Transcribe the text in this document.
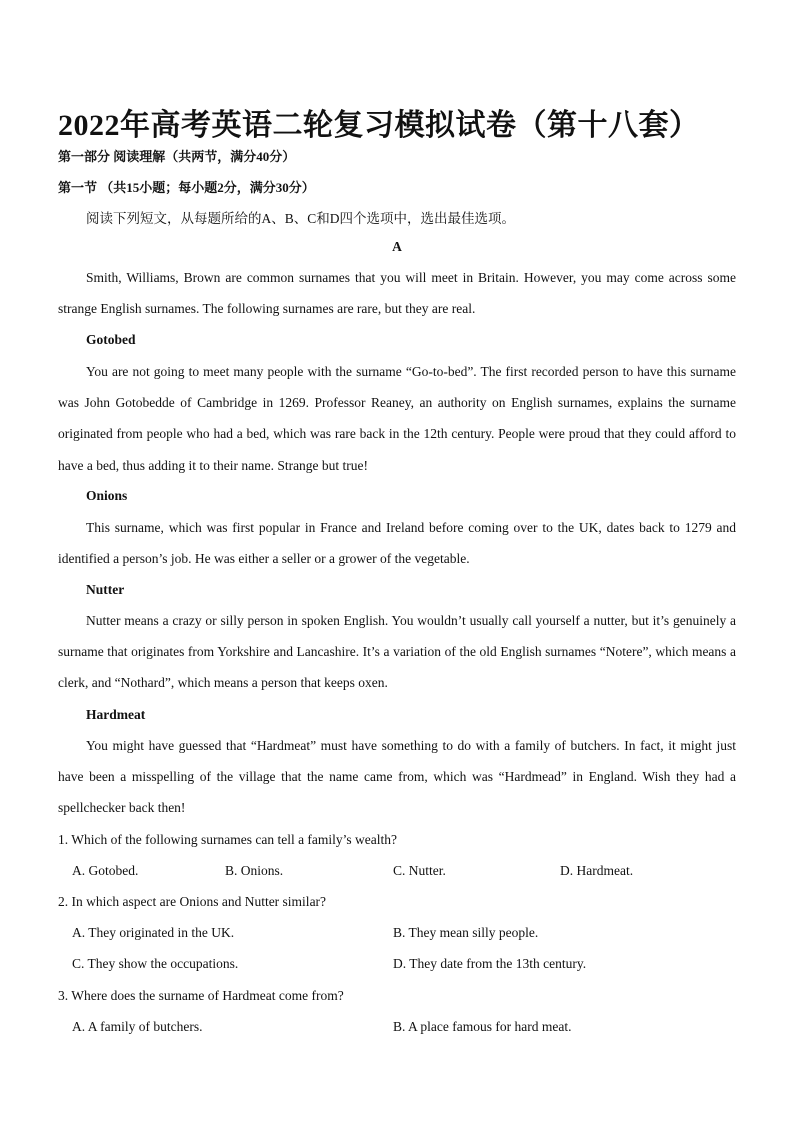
2022年高考英语二轮复习模拟试卷（第十八套）
第一部分 阅读理解（共两节，满分40分）
第一节 （共15小题；每小题2分，满分30分）
阅读下列短文，从每题所给的A、B、C和D四个选项中，选出最佳选项。
A
Smith, Williams, Brown are common surnames that you will meet in Britain. However, you may come across some strange English surnames. The following surnames are rare, but they are real.
Gotobed
You are not going to meet many people with the surname “Go-to-bed”. The first recorded person to have this surname was John Gotobedde of Cambridge in 1269. Professor Reaney, an authority on English surnames, explains the surname originated from people who had a bed, which was rare back in the 12th century. People were proud that they could afford to have a bed, thus adding it to their name. Strange but true!
Onions
This surname, which was first popular in France and Ireland before coming over to the UK, dates back to 1279 and identified a person’s job. He was either a seller or a grower of the vegetable.
Nutter
Nutter means a crazy or silly person in spoken English. You wouldn’t usually call yourself a nutter, but it’s genuinely a surname that originates from Yorkshire and Lancashire. It’s a variation of the old English surnames “Notere”, which means a clerk, and “Nothard”, which means a person that keeps oxen.
Hardmeat
You might have guessed that “Hardmeat” must have something to do with a family of butchers. In fact, it might just have been a misspelling of the village that the name came from, which was “Hardmead” in England. Wish they had a spellchecker back then!
1. Which of the following surnames can tell a family’s wealth?
A. Gotobed.	B. Onions.	C. Nutter.	D. Hardmeat.
2. In which aspect are Onions and Nutter similar?
A. They originated in the UK.	B. They mean silly people.
C. They show the occupations.	D. They date from the 13th century.
3. Where does the surname of Hardmeat come from?
A. A family of butchers.	B. A place famous for hard meat.
